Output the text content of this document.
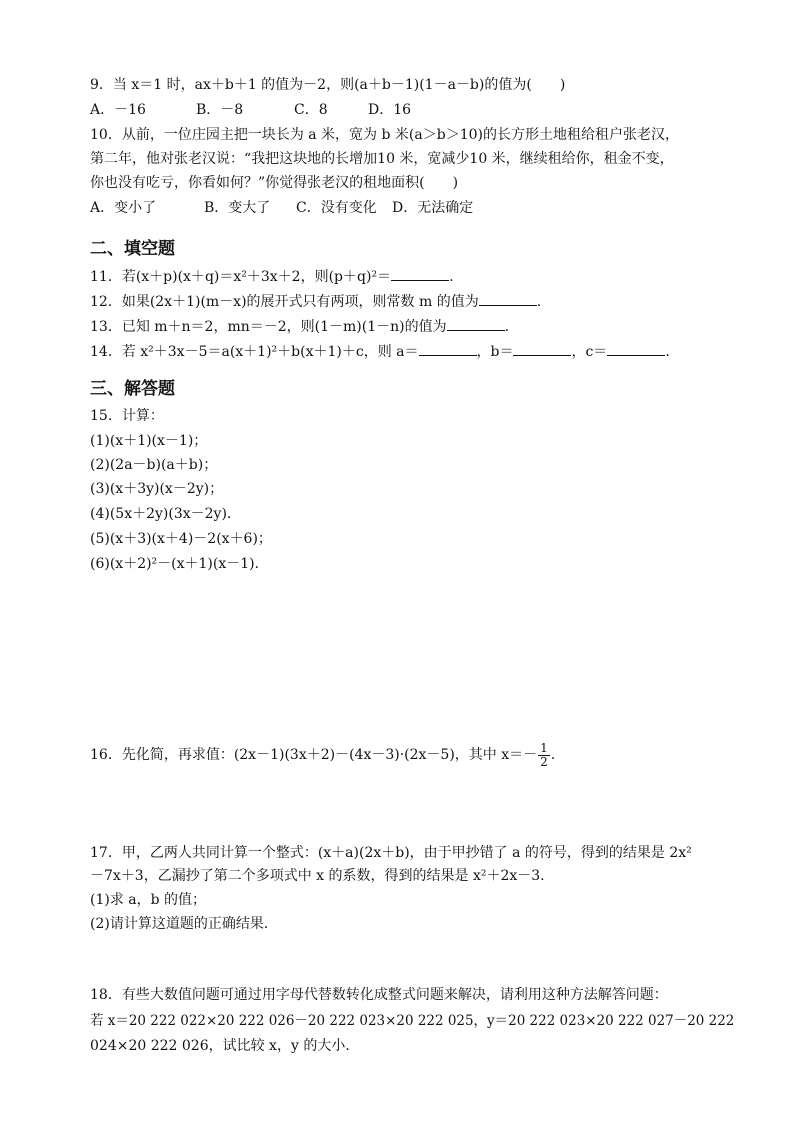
9．当 x＝1 时，ax＋b＋1 的值为－2，则(a＋b－1)(1－a－b)的值为(　　)
A．－16	B．－8	C．8	D．16
10．从前，一位庄园主把一块长为 a 米，宽为 b 米(a＞b＞10)的长方形土地租给租户张老汉，
第二年，他对张老汉说：“我把这块地的长增加10 米，宽减少10 米，继续租给你，租金不变，
你也没有吃亏，你看如何？”你觉得张老汉的租地面积(　　)
A．变小了	B．变大了 C．没有变化 D．无法确定
二、填空题
11．若(x＋p)(x＋q)＝x²＋3x＋2，则(p＋q)²＝	.
12．如果(2x＋1)(m－x)的展开式只有两项，则常数 m 的值为	.
13．已知 m＋n＝2，mn＝－2，则(1－m)(1－n)的值为	.
14．若 x²＋3x－5＝a(x＋1)²＋b(x＋1)＋c，则 a＝	，b＝	，c＝	.
三、解答题
15．计算：
(1)(x＋1)(x－1)；
(2)(2a－b)(a＋b)；
(3)(x＋3y)(x－2y)；
(4)(5x＋2y)(3x－2y)．
(5)(x＋3)(x＋4)－2(x＋6)；
(6)(x＋2)²－(x＋1)(x－1)．
16．先化简，再求值：(2x－1)(3x＋2)－(4x－3)·(2x－5)，其中 $x=- \frac{1}{2}$ .
17．甲，乙两人共同计算一个整式：(x＋a)(2x＋b)，由于甲抄错了 a 的符号，得到的结果是 2x²
－7x＋3，乙漏抄了第二个多项式中 x 的系数，得到的结果是 x²＋2x－3.
(1)求 a，b 的值；
(2)请计算这道题的正确结果．
18．有些大数值问题可通过用字母代替数转化成整式问题来解决，请利用这种方法解答问题：
若 x＝20 222 022×20 222 026－20 222 023×20 222 025，y＝20 222 023×20 222 027－20 222
024×20 222 026，试比较 x，y 的大小．
